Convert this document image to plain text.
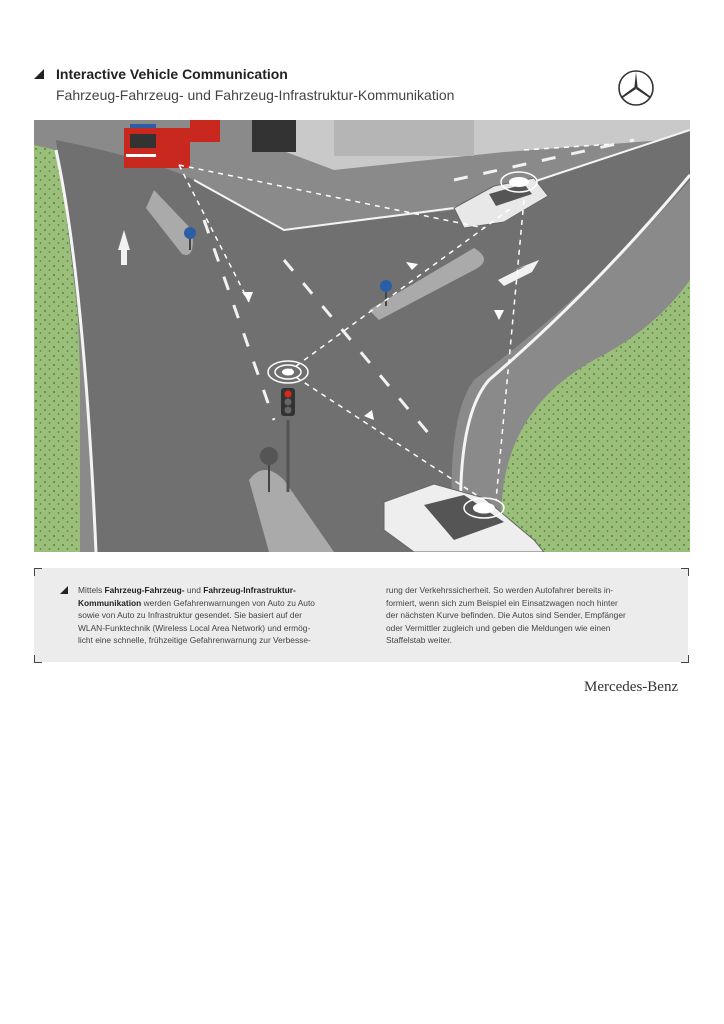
Interactive Vehicle Communication
Fahrzeug-Fahrzeug- und Fahrzeug-Infrastruktur-Kommunikation
Mittels Fahrzeug-Fahrzeug- und Fahrzeug-Infrastruktur-
Kommunikation werden Gefahrenwarnungen von Auto zu Auto
sowie von Auto zu Infrastruktur gesendet. Sie basiert auf der
WLAN-Funktechnik (Wireless Local Area Network) und ermög-
licht eine schnelle, frühzeitige Gefahrenwarnung zur Verbesse-
rung der Verkehrssicherheit. So werden Autofahrer bereits in-
formiert, wenn sich zum Beispiel ein Einsatzwagen noch hinter
der nächsten Kurve befinden. Die Autos sind Sender, Empfänger
oder Vermittler zugleich und geben die Meldungen wie einen
Staffelstab weiter.
Mercedes-Benz
